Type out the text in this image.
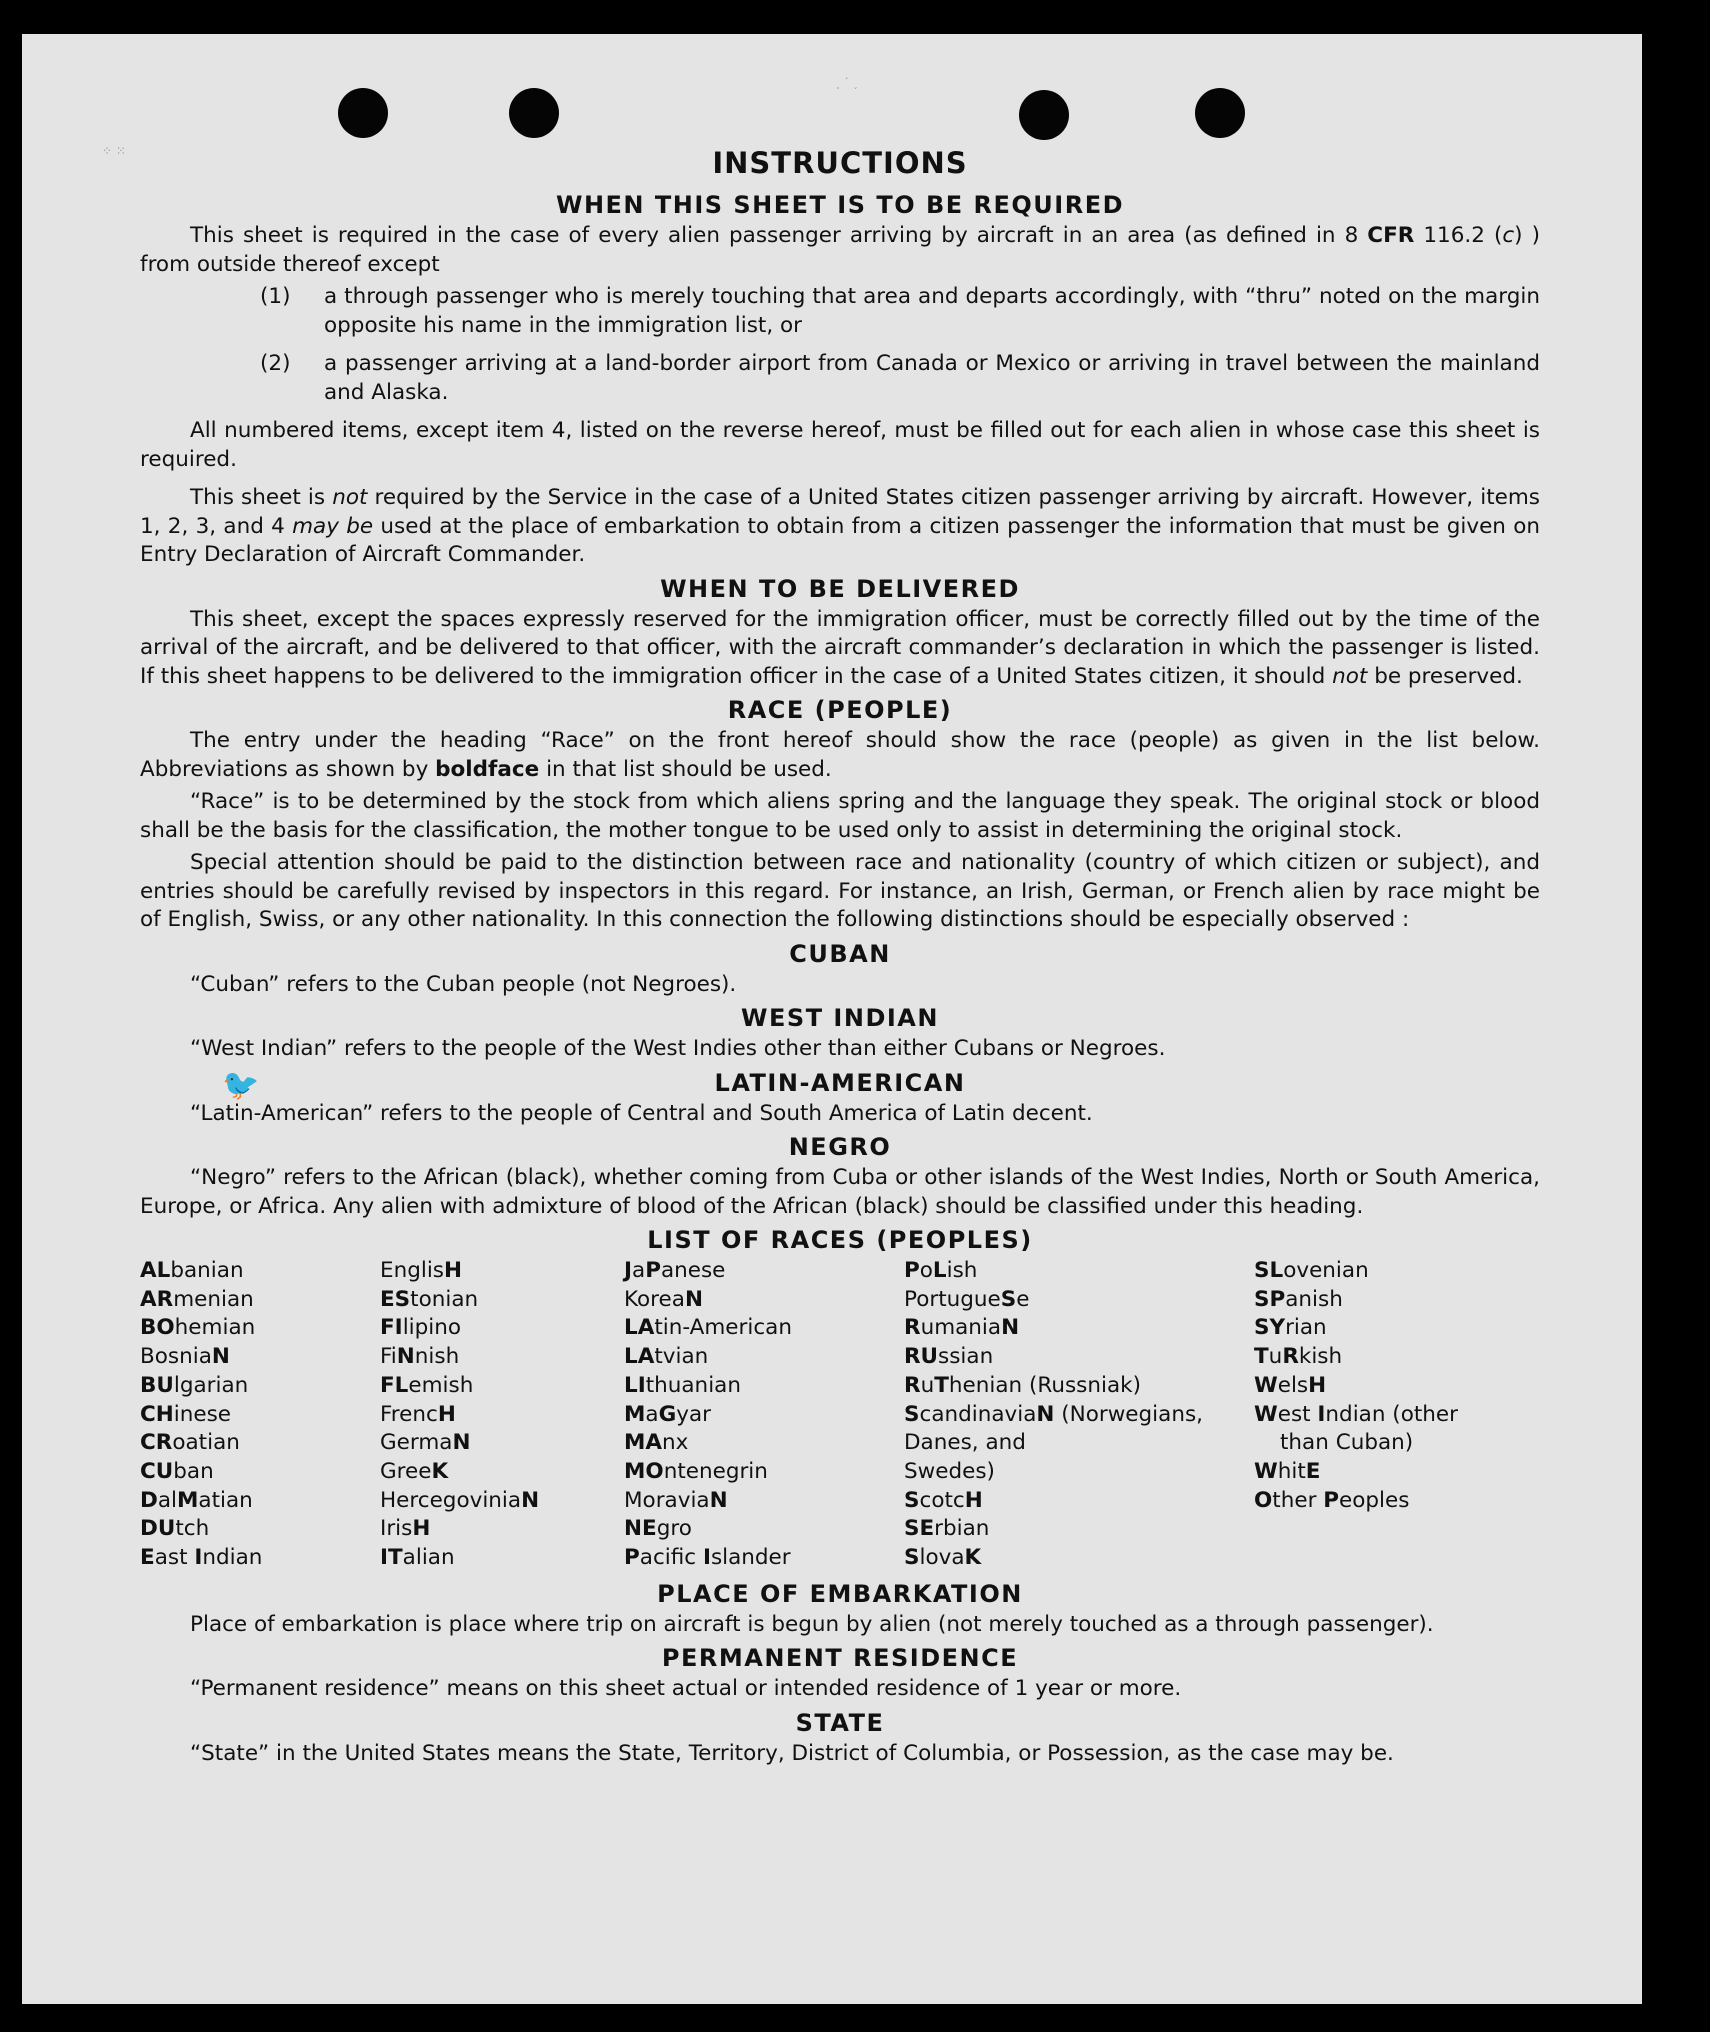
⁘ ⁙
˯ ˙ ˯
🐦
INSTRUCTIONS
WHEN THIS SHEET IS TO BE REQUIRED

This sheet is required in the case of every alien passenger arriving by aircraft in an area (as defined in 8 CFR 116.2 (c) ) from outside thereof except

(1)	a through passenger who is merely touching that area and departs accordingly, with “thru” noted on the margin opposite his name in the immigration list, or
(2)	a passenger arriving at a land-border airport from Canada or Mexico or arriving in travel between the mainland and Alaska.

All numbered items, except item 4, listed on the reverse hereof, must be filled out for each alien in whose case this sheet is required.

This sheet is not required by the Service in the case of a United States citizen passenger arriving by aircraft. However, items 1, 2, 3, and 4 may be used at the place of embarkation to obtain from a citizen passenger the information that must be given on Entry Declaration of Aircraft Commander.

WHEN TO BE DELIVERED

This sheet, except the spaces expressly reserved for the immigration officer, must be correctly filled out by the time of the arrival of the aircraft, and be delivered to that officer, with the aircraft commander’s declaration in which the passenger is listed. If this sheet happens to be delivered to the immigration officer in the case of a United States citizen, it should not be preserved.

RACE (PEOPLE)

The entry under the heading “Race” on the front hereof should show the race (people) as given in the list below. Abbreviations as shown by boldface in that list should be used.

“Race” is to be determined by the stock from which aliens spring and the language they speak. The original stock or blood shall be the basis for the classification, the mother tongue to be used only to assist in determining the original stock.

Special attention should be paid to the distinction between race and nationality (country of which citizen or subject), and entries should be carefully revised by inspectors in this regard. For instance, an Irish, German, or French alien by race might be of English, Swiss, or any other nationality. In this connection the following distinctions should be especially observed :

CUBAN

“Cuban” refers to the Cuban people (not Negroes).

WEST INDIAN

“West Indian” refers to the people of the West Indies other than either Cubans or Negroes.

LATIN-AMERICAN

“Latin-American” refers to the people of Central and South America of Latin decent.

NEGRO

“Negro” refers to the African (black), whether coming from Cuba or other islands of the West Indies, North or South America, Europe, or Africa. Any alien with admixture of blood of the African (black) should be classified under this heading.

LIST OF RACES (PEOPLES)
ALbanian
ARmenian
BOhemian
BosniaN
BUlgarian
CHinese
CRoatian
CUban
DalMatian
DUtch
East Indian
EnglisH
EStonian
FIlipino
FiNnish
FLemish
FrencH
GermaN
GreeK
HercegoviniaN
IrisH
ITalian
JaPanese
KoreaN
LAtin-American
LAtvian
LIthuanian
MaGyar
MAnx
MOntenegrin
MoraviaN
NEgro
Pacific Islander
PoLish
PortugueSe
RumaniaN
RUssian
RuThenian (Russniak)
ScandinaviaN (Norwegians,
Danes, and
Swedes)
ScotcH
SErbian
SlovaK
SLovenian
SPanish
SYrian
TuRkish
WelsH
West Indian (other
than Cuban)
WhitE
Other Peoples
PLACE OF EMBARKATION

Place of embarkation is place where trip on aircraft is begun by alien (not merely touched as a through passenger).

PERMANENT RESIDENCE

“Permanent residence” means on this sheet actual or intended residence of 1 year or more.

STATE

“State” in the United States means the State, Territory, District of Columbia, or Possession, as the case may be.
